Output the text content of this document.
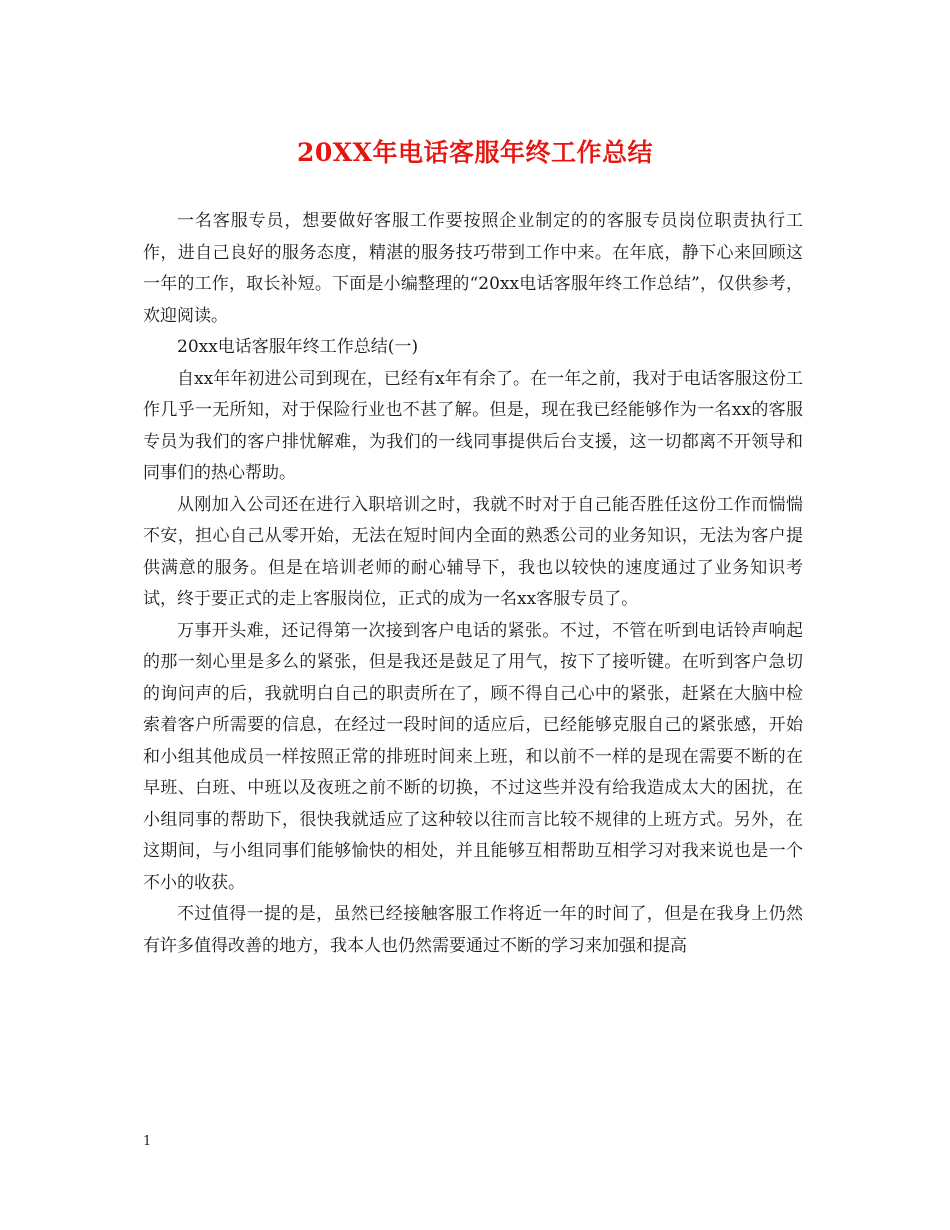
20XX年电话客服年终工作总结

一名客服专员，想要做好客服工作要按照企业制定的的客服专员岗位职责执行工作，进自己良好的服务态度，精湛的服务技巧带到工作中来。在年底，静下心来回顾这一年的工作，取长补短。下面是小编整理的“20xx电话客服年终工作总结”，仅供参考，欢迎阅读。

20xx电话客服年终工作总结(一)

自xx年年初进公司到现在，已经有x年有余了。在一年之前，我对于电话客服这份工作几乎一无所知，对于保险行业也不甚了解。但是，现在我已经能够作为一名xx的客服专员为我们的客户排忧解难，为我们的一线同事提供后台支援，这一切都离不开领导和同事们的热心帮助。

从刚加入公司还在进行入职培训之时，我就不时对于自己能否胜任这份工作而惴惴不安，担心自己从零开始，无法在短时间内全面的熟悉公司的业务知识，无法为客户提供满意的服务。但是在培训老师的耐心辅导下，我也以较快的速度通过了业务知识考试，终于要正式的走上客服岗位，正式的成为一名xx客服专员了。

万事开头难，还记得第一次接到客户电话的紧张。不过，不管在听到电话铃声响起的那一刻心里是多么的紧张，但是我还是鼓足了用气，按下了接听键。在听到客户急切的询问声的后，我就明白自己的职责所在了，顾不得自己心中的紧张，赶紧在大脑中检索着客户所需要的信息，在经过一段时间的适应后，已经能够克服自己的紧张感，开始和小组其他成员一样按照正常的排班时间来上班，和以前不一样的是现在需要不断的在早班、白班、中班以及夜班之前不断的切换，不过这些并没有给我造成太大的困扰，在小组同事的帮助下，很快我就适应了这种较以往而言比较不规律的上班方式。另外，在这期间，与小组同事们能够愉快的相处，并且能够互相帮助互相学习对我来说也是一个不小的收获。

不过值得一提的是，虽然已经接触客服工作将近一年的时间了，但是在我身上仍然有许多值得改善的地方，我本人也仍然需要通过不断的学习来加强和提高

1
